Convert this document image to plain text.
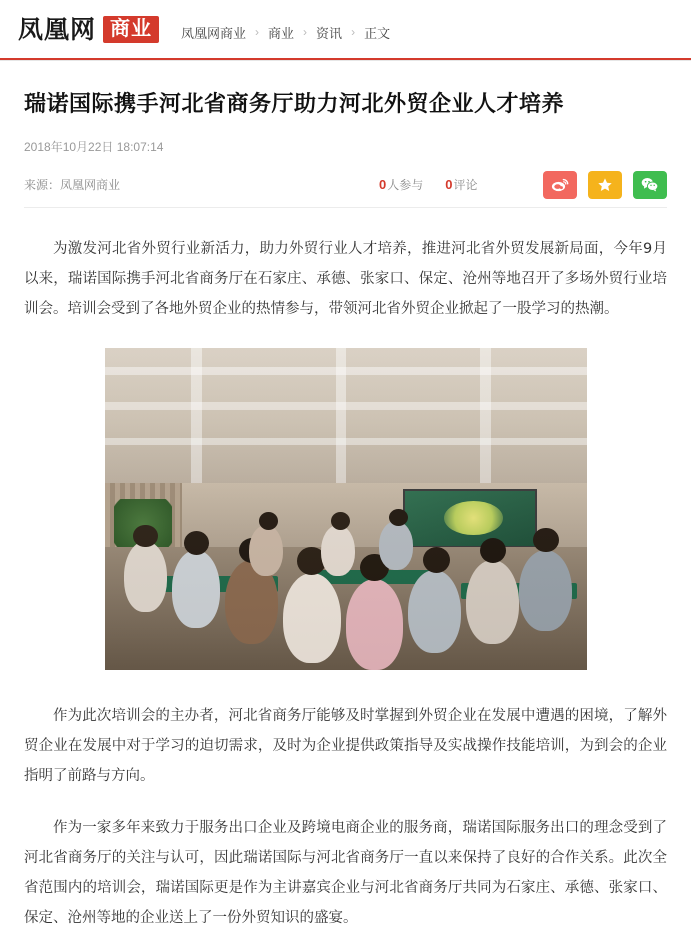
凤凰网 商业	凤凰网商业 › 商业 › 资讯 › 正文
瑞诺国际携手河北省商务厅助力河北外贸企业人才培养
2018年10月22日 18:07:14
来源：凤凰网商业	0 人参与 0 评论

为激发河北省外贸行业新活力，助力外贸行业人才培养，推进河北省外贸发展新局面，今年9月以来，瑞诺国际携手河北省商务厅在石家庄、承德、张家口、保定、沧州等地召开了多场外贸行业培训会。培训会受到了各地外贸企业的热情参与，带领河北省外贸企业掀起了一股学习的热潮。

作为此次培训会的主办者，河北省商务厅能够及时掌握到外贸企业在发展中遭遇的困境，了解外贸企业在发展中对于学习的迫切需求，及时为企业提供政策指导及实战操作技能培训，为到会的企业指明了前路与方向。

作为一家多年来致力于服务出口企业及跨境电商企业的服务商，瑞诺国际服务出口的理念受到了河北省商务厅的关注与认可，因此瑞诺国际与河北省商务厅一直以来保持了良好的合作关系。此次全省范围内的培训会，瑞诺国际更是作为主讲嘉宾企业与河北省商务厅共同为石家庄、承德、张家口、保定、沧州等地的企业送上了一份外贸知识的盛宴。
